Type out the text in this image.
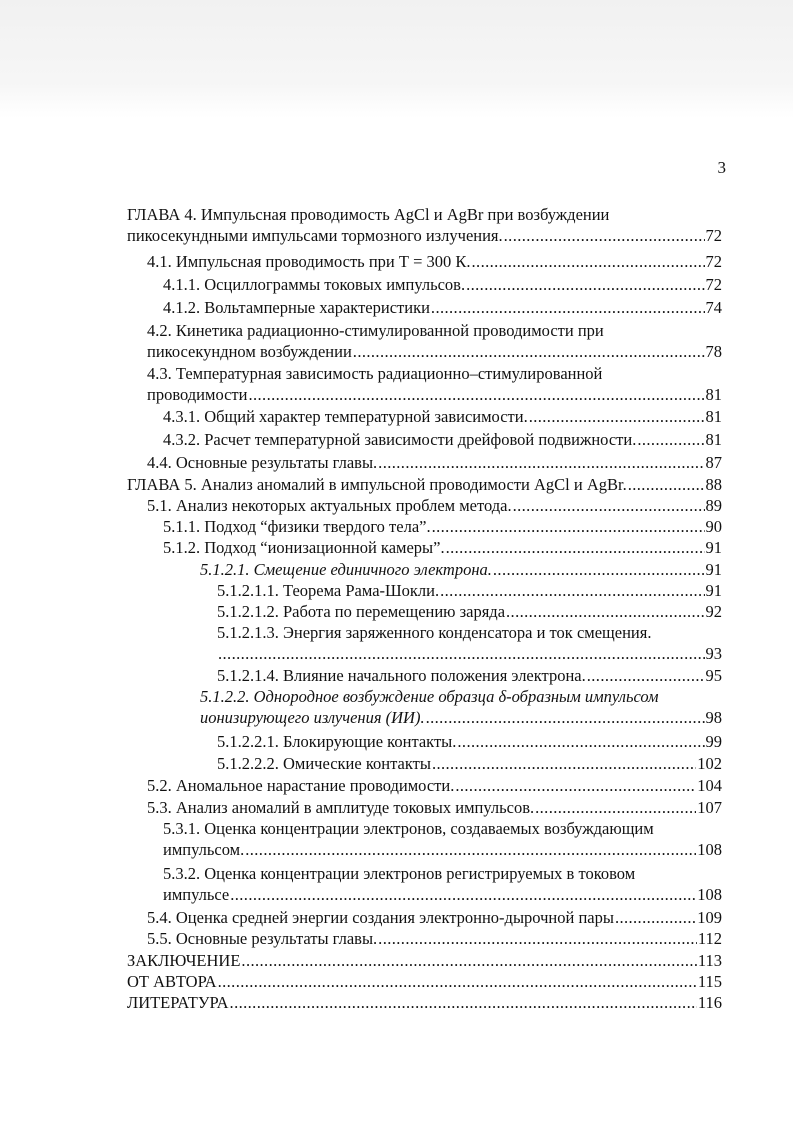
3
ГЛАВА 4. Импульсная проводимость AgCl и AgBr при возбуждении
пикосекундными импульсами тормозного излучения. .....	72
4.1. Импульсная проводимость при Т = 300 К. .....	72
4.1.1. Осциллограммы токовых импульсов. .....	72
4.1.2. Вольтамперные характеристики .....	74
4.2. Кинетика радиационно-стимулированной проводимости при
пикосекундном возбуждении .....	78
4.3. Температурная зависимость радиационно–стимулированной
проводимости .....	81
4.3.1. Общий характер температурной зависимости. .....	81
4.3.2. Расчет температурной зависимости дрейфовой подвижности. .....	81
4.4. Основные результаты главы. .....	87
ГЛАВА 5. Анализ аномалий в импульсной проводимости AgCl и AgBr. .....	88
5.1. Анализ некоторых актуальных проблем метода. .....	89
5.1.1. Подход “физики твердого тела”. .....	90
5.1.2. Подход “ионизационной камеры”. .....	91
5.1.2.1. Смещение единичного электрона. .....	91
5.1.2.1.1. Теорема Рама-Шокли. .....	91
5.1.2.1.2. Работа по перемещению заряда .....	92
5.1.2.1.3. Энергия заряженного конденсатора и ток смещения.
.....
93
5.1.2.1.4. Влияние начального положения электрона. .....	95
5.1.2.2. Однородное возбуждение образца δ-образным импульсом
ионизирующего излучения (ИИ). .....	98
5.1.2.2.1. Блокирующие контакты. .....	99
5.1.2.2.2. Омические контакты .....	102
5.2. Аномальное нарастание проводимости. .....	104
5.3. Анализ аномалий в амплитуде токовых импульсов. .....	107
5.3.1. Оценка концентрации электронов, создаваемых возбуждающим
импульсом. .....	108
5.3.2. Оценка концентрации электронов регистрируемых в токовом
импульсе .....	108
5.4. Оценка средней энергии создания электронно-дырочной пары .....	109
5.5. Основные результаты главы. .....	112
ЗАКЛЮЧЕНИЕ .....	113
ОТ АВТОРА .....	115
ЛИТЕРАТУРА .....	116
